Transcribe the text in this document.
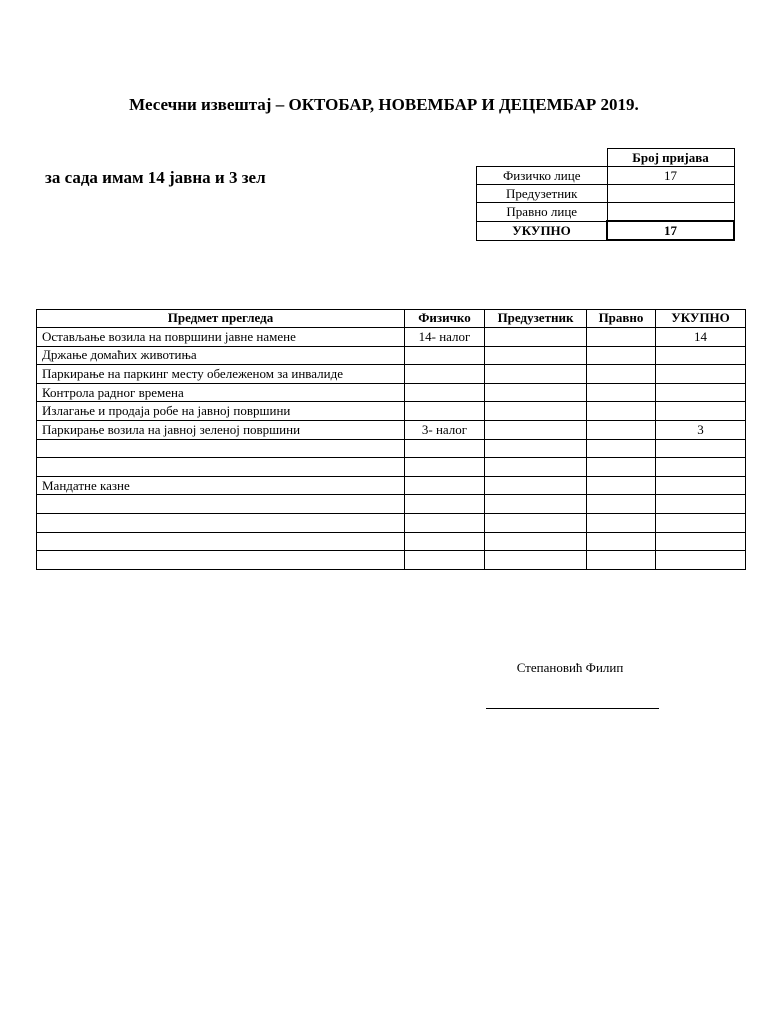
Месечни извештај – ОКТОБАР, НОВЕМБАР И ДЕЦЕМБАР 2019.
за сада имам 14 јавна и 3 зел
	Број пријава
Физичко лице	17
Предузетник	
Правно лице	
УКУПНО	17
Предмет прегледа	Физичко	Предузетник	Правно	УКУПНО
Остављање возила на површини јавне намене	14- налог			14
Држање домаћих животиња				
Паркирање на паркинг месту обележеном за инвалиде				
Контрола радног времена				
Излагање и продаја робе на јавној површини				
Паркирање возила на јавној зеленој површини	3- налог			3

Мандатне казне				

Степановић Филип
